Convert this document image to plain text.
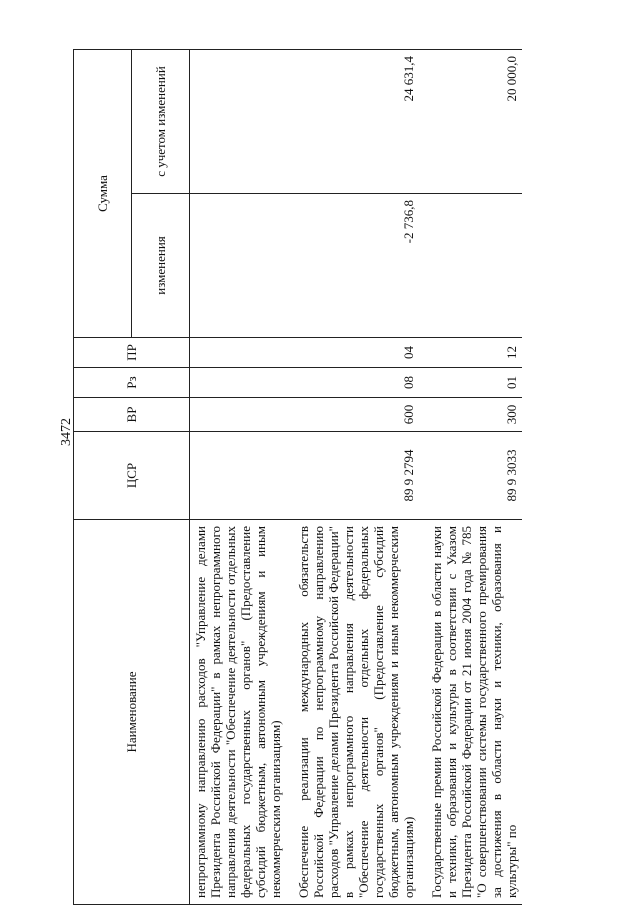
3472
Наименование	ЦСР	ВР	Рз	ПР	Сумма	
					изменения	с учетом изменений
непрограммному направлению расходов "Управление делами Президента Российской Федерации" в рамках непрограммного направления деятельности "Обеспечение деятельности отдельных федеральных государственных органов" (Предоставление субсидий бюджетным, автономным учреждениям и иным некоммерческим организациям)						
Обеспечение реализации международных обязательств Российской Федерации по непрограммному направлению расходов "Управление делами Президента Российской Федерации" в рамках непрограммного направления деятельности "Обеспечение деятельности отдельных федеральных государственных органов" (Предоставление субсидий бюджетным, автономным учреждениям и иным некоммерческим организациям)	89 9 2794	600	08	04	-2 736,8	24 631,4
Государственные премии Российской Федерации в области науки и техники, образования и культуры в соответствии с Указом Президента Российской Федерации от 21 июня 2004 года № 785 "О совершенствовании системы государственного премирования за достижения в области науки и техники, образования и культуры" по	89 9 3033	300	01	12		20 000,0
